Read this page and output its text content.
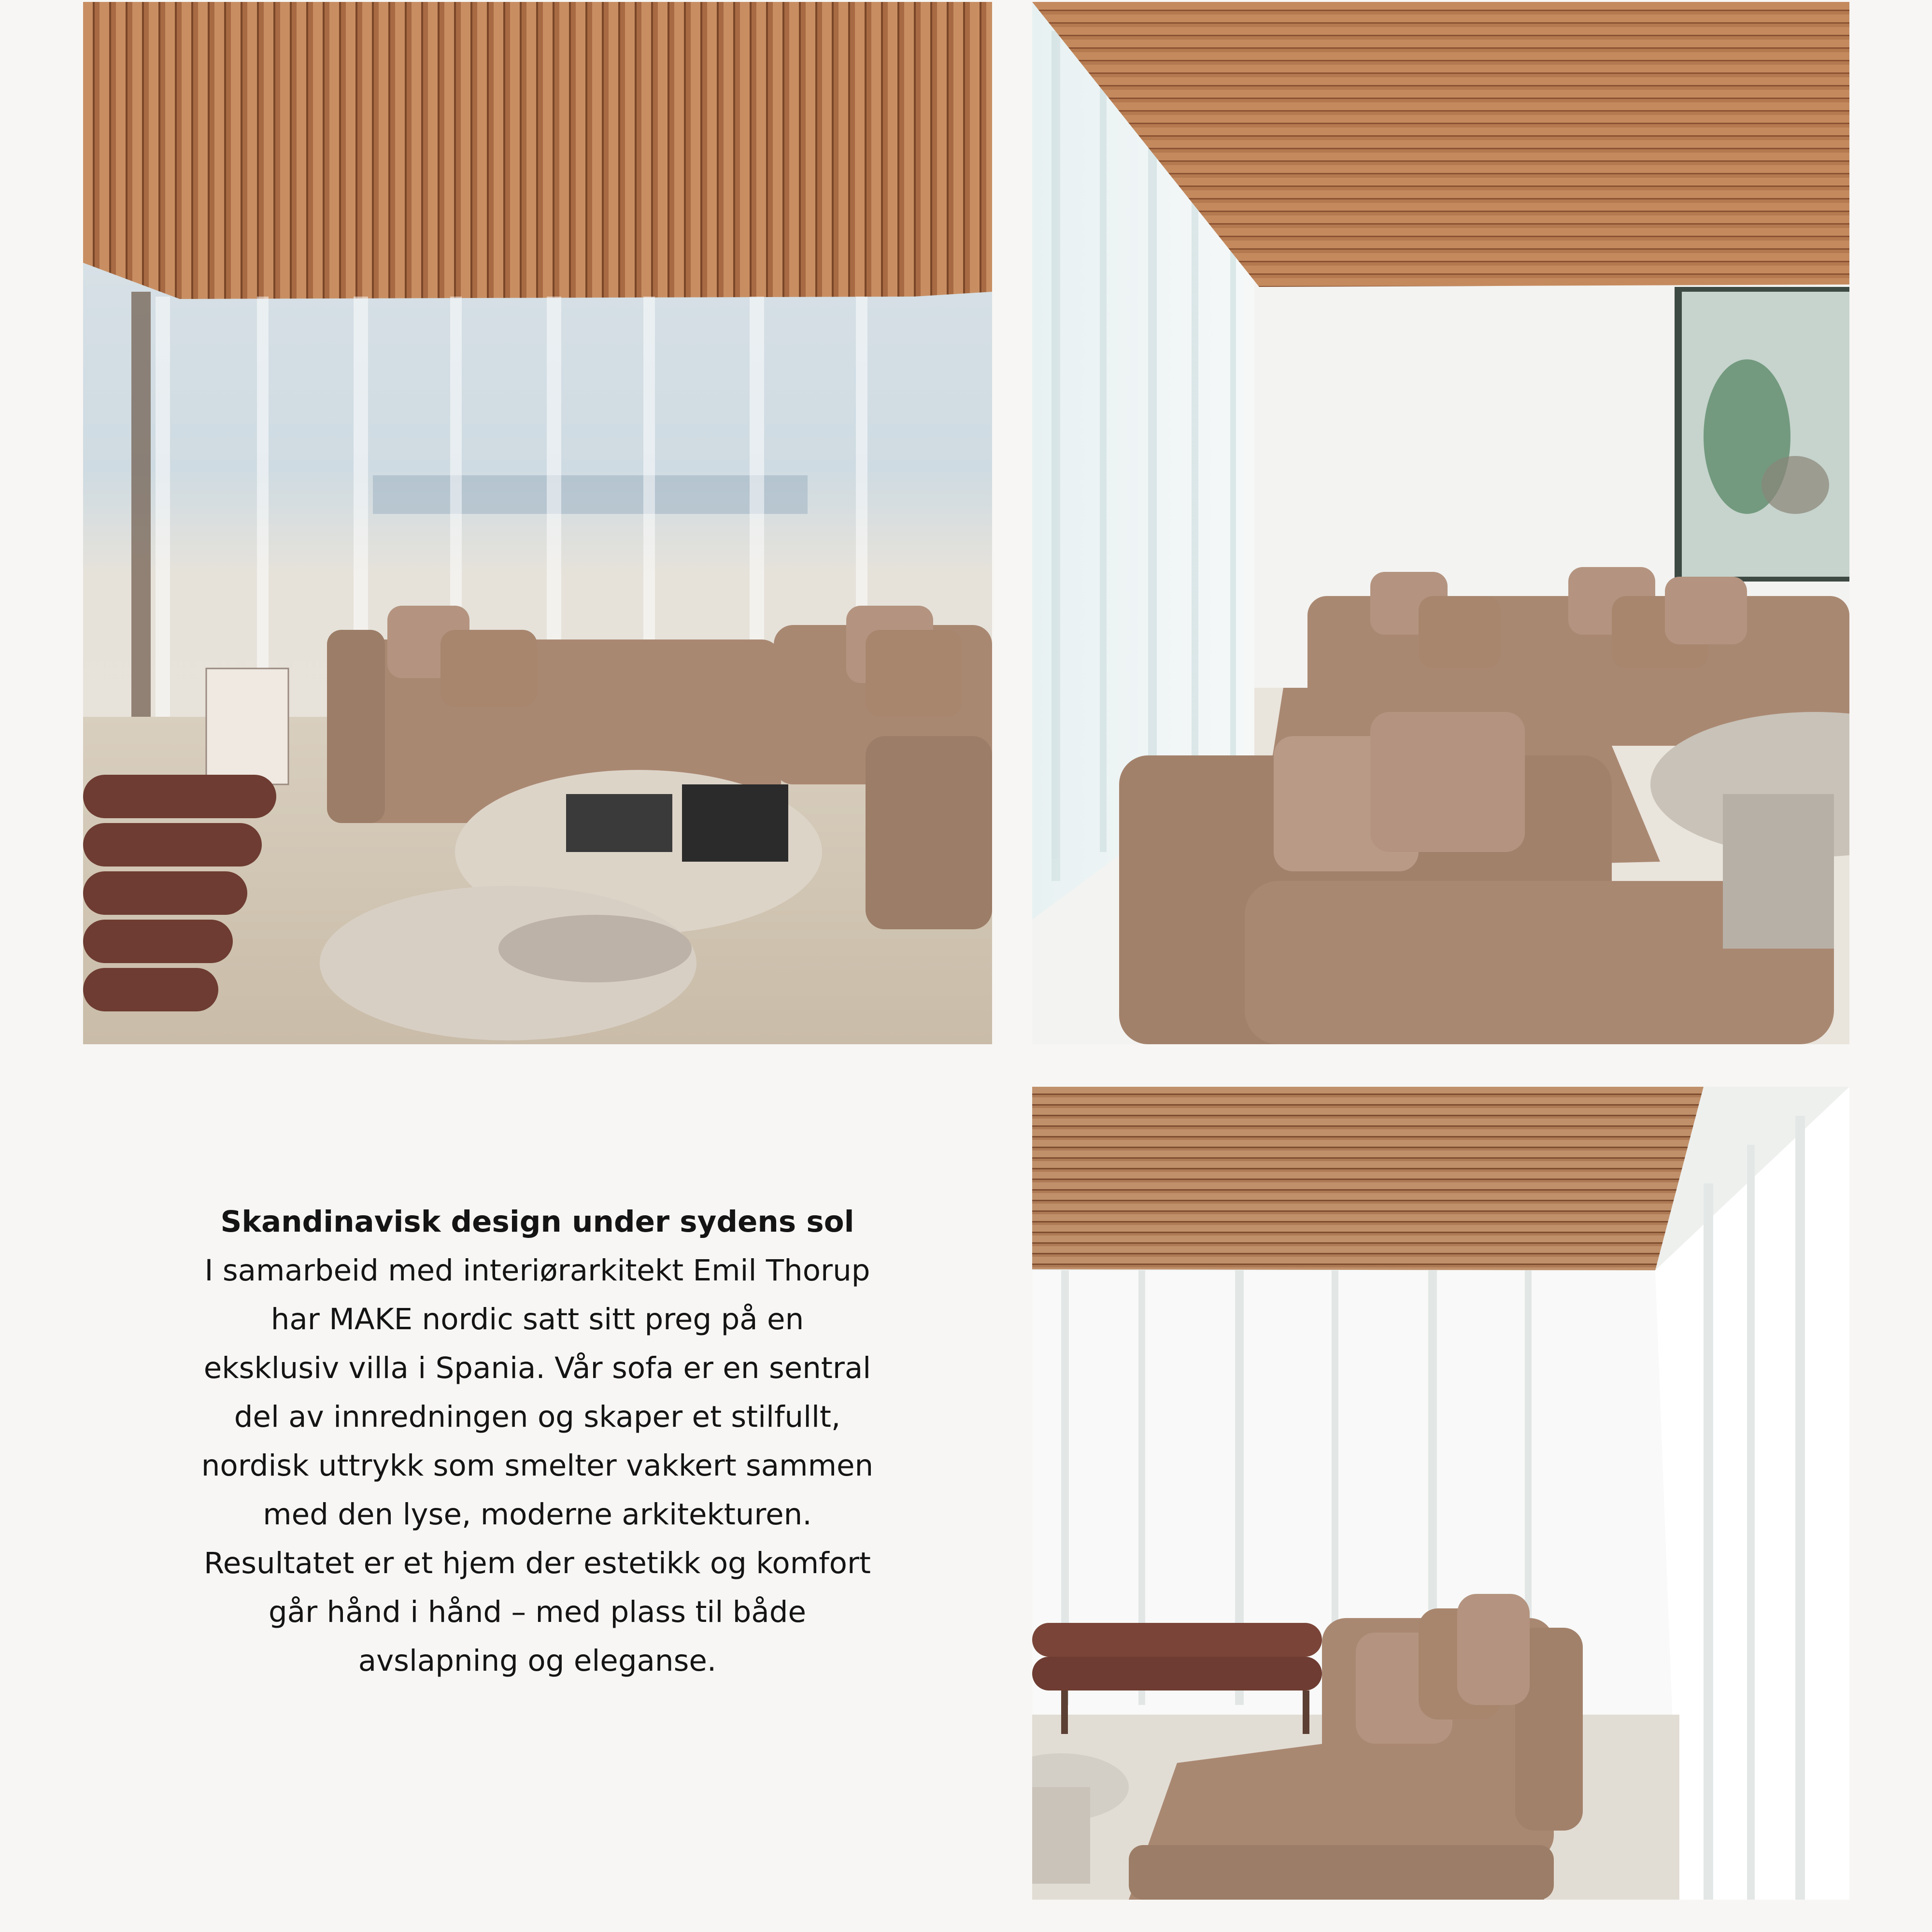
Skandinavisk design under sydens sol

I samarbeid med interiørarkitekt Emil Thorup
har MAKE nordic satt sitt preg på en
eksklusiv villa i Spania. Vår sofa er en sentral
del av innredningen og skaper et stilfullt,
nordisk uttrykk som smelter vakkert sammen
med den lyse, moderne arkitekturen.
Resultatet er et hjem der estetikk og komfort
går hånd i hånd – med plass til både
avslapning og eleganse.
